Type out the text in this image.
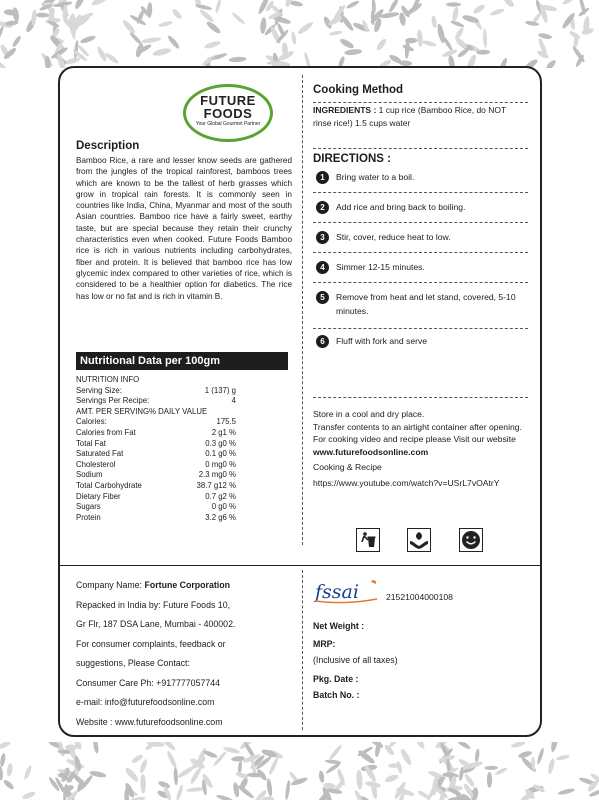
FUTURE FOODS
Your Global Gourmet Partner
Description
Bamboo Rice, a rare and lesser know seeds are gathered from the jungles of the tropical rainforest, bamboos trees which are known to be the tallest of herb grasses which grow in tropical rain forests. It is commonly seen in countries like India, China, Myanmar and most of the south Asian countries. Bamboo rice have a fairly sweet, earthy taste, but are special because they retain their crunchy characteristics even when cooked. Future Foods Bamboo rice is rich in various nutrients including carbohydrates, fiber and protein. It is believed that bamboo rice has low glycemic index compared to other varieties of rice, which is considered to be a healthier option for diabetics. The rice has low or no fat and is rich in vitamin B.
Nutritional Data per 100gm
Cooking Method
INGREDIENTS : 1 cup rice (Bamboo Rice, do NOT rinse rice!) 1.5 cups water
DIRECTIONS :
Store in a cool and dry place.
Transfer contents to an airtight container after opening.
For cooking video and recipe please Visit our website www.futurefoodsonline.com
Cooking & Recipe
https://www.youtube.com/watch?v=USrL7vOAtrY
Company Name: Fortune Corporation
Repacked in India by: Future Foods 10,
Gr Flr, 187 DSA Lane, Mumbai - 400002.
For consumer complaints, feedback or
suggestions, Please Contact:
Consumer Care Ph: +917777057744
e-mail: info@futurefoodsonline.com
Website : www.futurefoodsonline.com
fssai	21521004000108
Net Weight :
MRP:
(Inclusive of all taxes)
Pkg. Date :
Batch No. :
NUTRITION INFO
Serving Size:	1 (137) g
Servings Per Recipe:	4
AMT. PER SERVING% DAILY VALUE
Calories:	175.5
Calories from Fat	2 g1 %
Total Fat	0.3 g0 %
Saturated Fat	0.1 g0 %
Cholesterol	0 mg0 %
Sodium	2.3 mg0 %
Total Carbohydrate	38.7 g12 %
Dietary Fiber	0.7 g2 %
Sugars	0 g0 %
Protein	3.2 g6 %
1	Bring water to a boil.
2	Add rice and bring back to boiling.
3	Stir, cover, reduce heat to low.
4	Simmer 12-15 minutes.
5	Remove from heat and let stand, covered, 5-10 minutes.
6	Fluff with fork and serve
